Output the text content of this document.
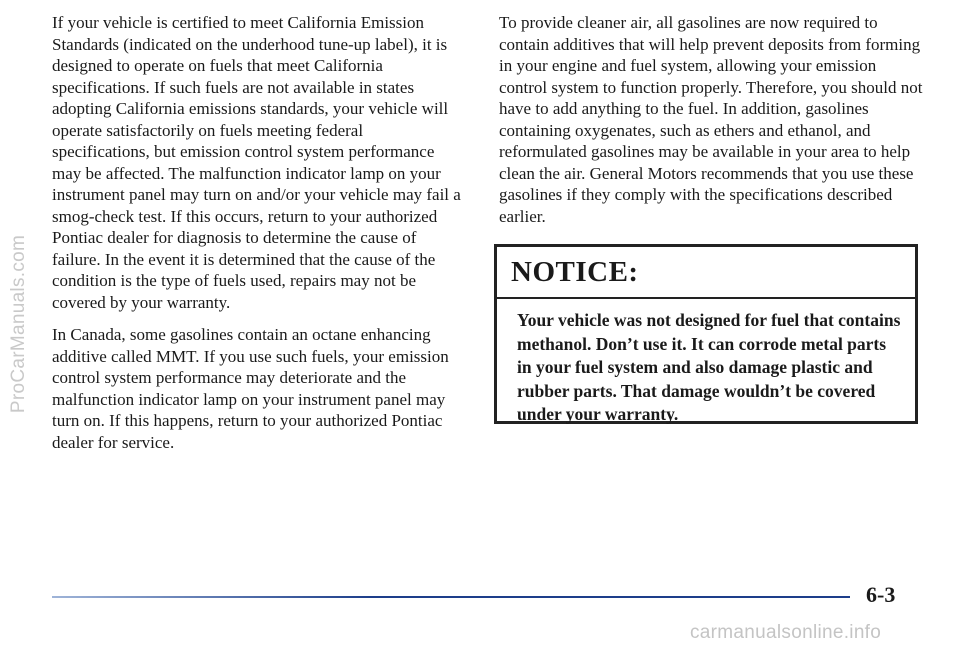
ProCarManuals.com

If your vehicle is certified to meet California Emission Standards (indicated on the underhood tune-up label), it is designed to operate on fuels that meet California specifications. If such fuels are not available in states adopting California emissions standards, your vehicle will operate satisfactorily on fuels meeting federal specifications, but emission control system performance may be affected. The malfunction indicator lamp on your instrument panel may turn on and/or your vehicle may fail a smog-check test. If this occurs, return to your authorized Pontiac dealer for diagnosis to determine the cause of failure. In the event it is determined that the cause of the condition is the type of fuels used, repairs may not be covered by your warranty.

In Canada, some gasolines contain an octane enhancing additive called MMT. If you use such fuels, your emission control system performance may deteriorate and the malfunction indicator lamp on your instrument panel may turn on. If this happens, return to your authorized Pontiac dealer for service.

To provide cleaner air, all gasolines are now required to contain additives that will help prevent deposits from forming in your engine and fuel system, allowing your emission control system to function properly. Therefore, you should not have to add anything to the fuel. In addition, gasolines containing oxygenates, such as ethers and ethanol, and reformulated gasolines may be available in your area to help clean the air. General Motors recommends that you use these gasolines if they comply with the specifications described earlier.

NOTICE:
Your vehicle was not designed for fuel that contains methanol. Don’t use it. It can corrode metal parts in your fuel system and also damage plastic and rubber parts. That damage wouldn’t be covered under your warranty.
6-3
carmanualsonline.info
